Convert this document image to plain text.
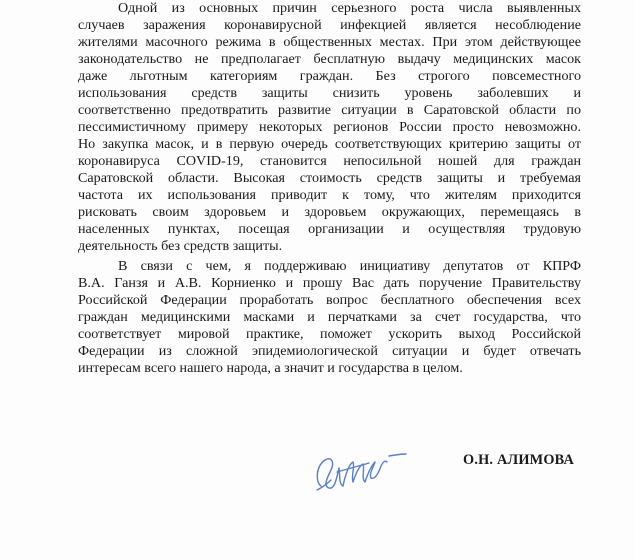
Одной из основных причин серьезного роста числа выявленных
случаев заражения коронавирусной инфекцией является несоблюдение
жителями масочного режима в общественных местах. При этом действующее
законодательство не предполагает бесплатную выдачу медицинских масок
даже льготным категориям граждан. Без строгого повсеместного
использования средств защиты снизить уровень заболевших и
соответственно предотвратить развитие ситуации в Саратовской области по
пессимистичному примеру некоторых регионов России просто невозможно.
Но закупка масок, и в первую очередь соответствующих критерию защиты от
коронавируса COVID-19, становится непосильной ношей для граждан
Саратовской области. Высокая стоимость средств защиты и требуемая
частота их использования приводит к тому, что жителям приходится
рисковать своим здоровьем и здоровьем окружающих, перемещаясь в
населенных пунктах, посещая организации и осуществляя трудовую
деятельность без средств защиты.
В связи с чем, я поддерживаю инициативу депутатов от КПРФ
В.А. Ганзя и А.В. Корниенко и прошу Вас дать поручение Правительству
Российской Федерации проработать вопрос бесплатного обеспечения всех
граждан медицинскими масками и перчатками за счет государства, что
соответствует мировой практике, поможет ускорить выход Российской
Федерации из сложной эпидемиологической ситуации и будет отвечать
интересам всего нашего народа, а значит и государства в целом.
О.Н. АЛИМОВА
